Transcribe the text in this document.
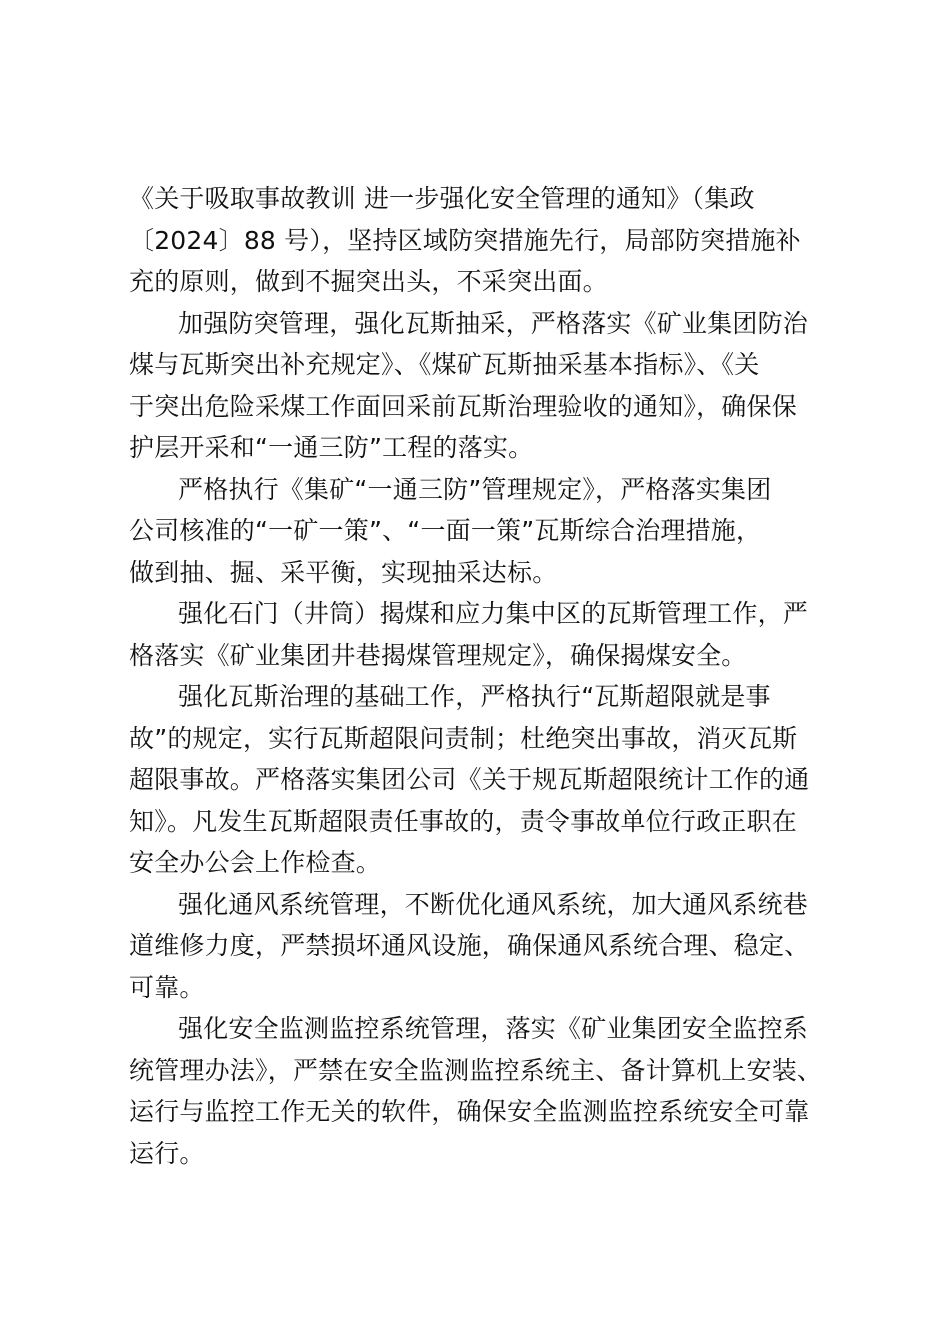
《关于吸取事故教训 进一步强化安全管理的通知》（集政
〔2024〕88 号），坚持区域防突措施先行，局部防突措施补
充的原则，做到不掘突出头，不采突出面。
加强防突管理，强化瓦斯抽采，严格落实《矿业集团防治
煤与瓦斯突出补充规定》、《煤矿瓦斯抽采基本指标》、《关
于突出危险采煤工作面回采前瓦斯治理验收的通知》，确保保
护层开采和“一通三防”工程的落实。
严格执行《集矿“一通三防”管理规定》，严格落实集团
公司核准的“一矿一策”、“一面一策”瓦斯综合治理措施，
做到抽、掘、采平衡，实现抽采达标。
强化石门（井筒）揭煤和应力集中区的瓦斯管理工作，严
格落实《矿业集团井巷揭煤管理规定》，确保揭煤安全。
强化瓦斯治理的基础工作，严格执行“瓦斯超限就是事
故”的规定，实行瓦斯超限问责制；杜绝突出事故，消灭瓦斯
超限事故。严格落实集团公司《关于规瓦斯超限统计工作的通
知》。凡发生瓦斯超限责任事故的，责令事故单位行政正职在
安全办公会上作检查。
强化通风系统管理，不断优化通风系统，加大通风系统巷
道维修力度，严禁损坏通风设施，确保通风系统合理、稳定、
可靠。
强化安全监测监控系统管理，落实《矿业集团安全监控系
统管理办法》，严禁在安全监测监控系统主、备计算机上安装、
运行与监控工作无关的软件，确保安全监测监控系统安全可靠
运行。
